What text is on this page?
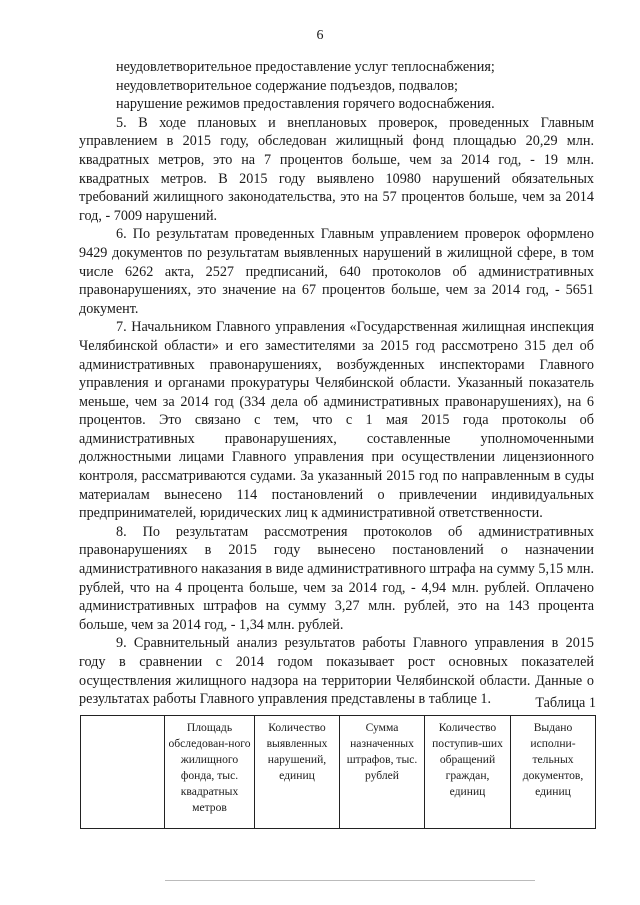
6

неудовлетворительное предоставление услуг теплоснабжения;

неудовлетворительное содержание подъездов, подвалов;

нарушение режимов предоставления горячего водоснабжения.

5. В ходе плановых и внеплановых проверок, проведенных Главным управлением в 2015 году, обследован жилищный фонд площадью 20,29 млн. квадратных метров, это на 7 процентов больше, чем за 2014 год, - 19 млн. квадратных метров. В 2015 году выявлено 10980 нарушений обязательных требований жилищного законодательства, это на 57 процентов больше, чем за 2014 год, - 7009 нарушений.

6. По результатам проведенных Главным управлением проверок оформлено 9429 документов по результатам выявленных нарушений в жилищной сфере, в том числе 6262 акта, 2527 предписаний, 640 протоколов об административных правонарушениях, это значение на 67 процентов больше, чем за 2014 год, - 5651 документ.

7. Начальником Главного управления «Государственная жилищная инспекция Челябинской области» и его заместителями за 2015 год рассмотрено 315 дел об административных правонарушениях, возбужденных инспекторами Главного управления и органами прокуратуры Челябинской области. Указанный показатель меньше, чем за 2014 год (334 дела об административных правонарушениях), на 6 процентов. Это связано с тем, что с 1 мая 2015 года протоколы об административных правонарушениях, составленные уполномоченными должностными лицами Главного управления при осуществлении лицензионного контроля, рассматриваются судами. За указанный 2015 год по направленным в суды материалам вынесено 114 постановлений о привлечении индивидуальных предпринимателей, юридических лиц к административной ответственности.

8. По результатам рассмотрения протоколов об административных правонарушениях в 2015 году вынесено постановлений о назначении административного наказания в виде административного штрафа на сумму 5,15 млн. рублей, что на 4 процента больше, чем за 2014 год, - 4,94 млн. рублей. Оплачено административных штрафов на сумму 3,27 млн. рублей, это на 143 процента больше, чем за 2014 год, - 1,34 млн. рублей.

9. Сравнительный анализ результатов работы Главного управления в 2015 году в сравнении с 2014 годом показывает рост основных показателей осуществления жилищного надзора на территории Челябинской области. Данные о результатах работы Главного управления представлены в таблице 1.	Таблица 1
	Площадь обследован-ного жилищного фонда, тыс. квадратных метров	Количество выявленных нарушений, единиц	Сумма назначенных штрафов, тыс. рублей	Количество поступив-ших обращений граждан, единиц	Выдано исполни-тельных документов, единиц
